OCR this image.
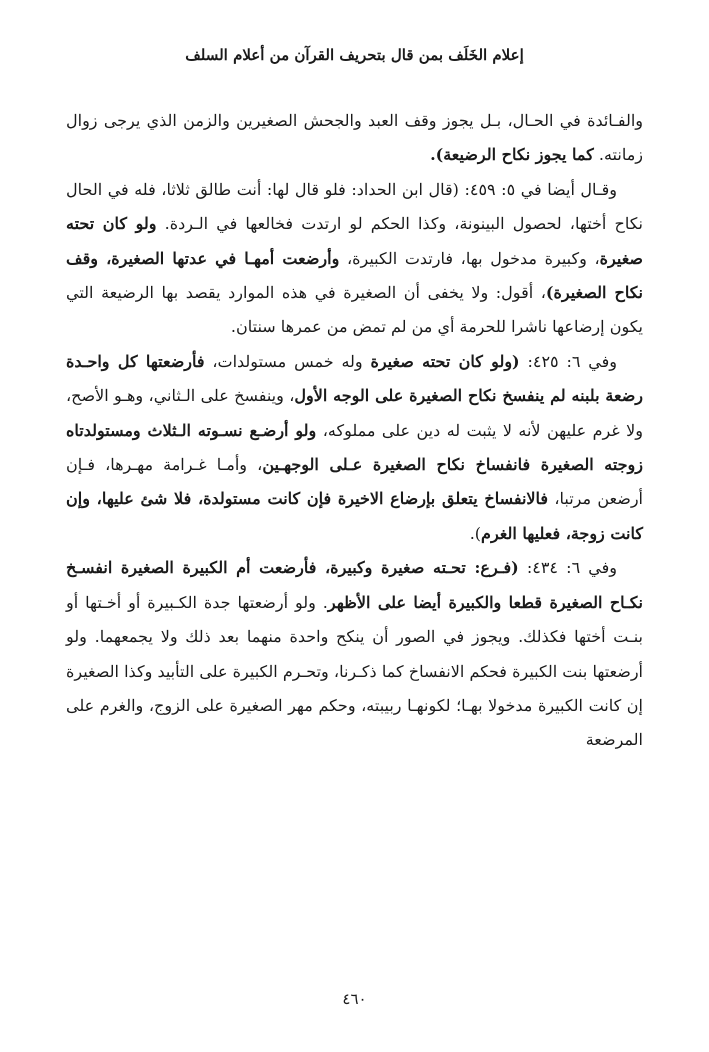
إعلام الخَلَف بمن قال بتحريف القرآن من أعلام السلف

والفـائدة في الحـال، بـل يجوز وقف العبد والجحش الصغيرين والزمن الذي يرجى زوال زمانته. كما يجوز نكاح الرضيعة).

وقـال أيضا في ٥: ٤٥٩: (قال ابن الحداد: فلو قال لها: أنت طالق ثلاثا، فله في الحال نكاح أختها، لحصول البينونة، وكذا الحكم لو ارتدت فخالعها في الـردة. ولو كان تحته صغيرة، وكبيرة مدخول بها، فارتدت الكبيرة، وأرضعت أمهـا في عدتها الصغيرة، وقف نكاح الصغيرة)، أقول: ولا يخفى أن الصغيرة في هذه الموارد يقصد بها الرضيعة التي يكون إرضاعها ناشرا للحرمة أي من لم تمض من عمرها سنتان.

وفي ٦: ٤٢٥: (ولو كان تحته صغيرة وله خمس مستولدات، فأرضعتها كل واحـدة رضعة بلبنه لم ينفسخ نكاح الصغيرة على الوجه الأول، وينفسخ على الـثاني، وهـو الأصح، ولا غرم عليهن لأنه لا يثبت له دين على مملوكه، ولو أرضـع نسـوته الـثلاث ومستولدتاه زوجته الصغيرة فانفساخ نكاح الصغيرة عـلى الوجهـين، وأمـا غـرامة مهـرها، فـإن أرضعن مرتبا، فالانفساخ يتعلق بإرضاع الاخيرة فإن كانت مستولدة، فلا شئ عليها، وإن كانت زوجة، فعليها الغرم).

وفي ٦: ٤٣٤: (فـرع: تحـته صغيرة وكبيرة، فأرضعت أم الكبيرة الصغيرة انفسـخ نكـاح الصغيرة قطعا والكبيرة أيضا على الأظهر. ولو أرضعتها جدة الكـبيرة أو أخـتها أو بنـت أختها فكذلك. ويجوز في الصور أن ينكح واحدة منهما بعد ذلك ولا يجمعهما. ولو أرضعتها بنت الكبيرة فحكم الانفساخ كما ذكـرنا، وتحـرم الكبيرة على التأبيد وكذا الصغيرة إن كانت الكبيرة مدخولا بهـا؛ لكونهـا ربيبته، وحكم مهر الصغيرة على الزوج، والغرم على المرضعة

٤٦٠
